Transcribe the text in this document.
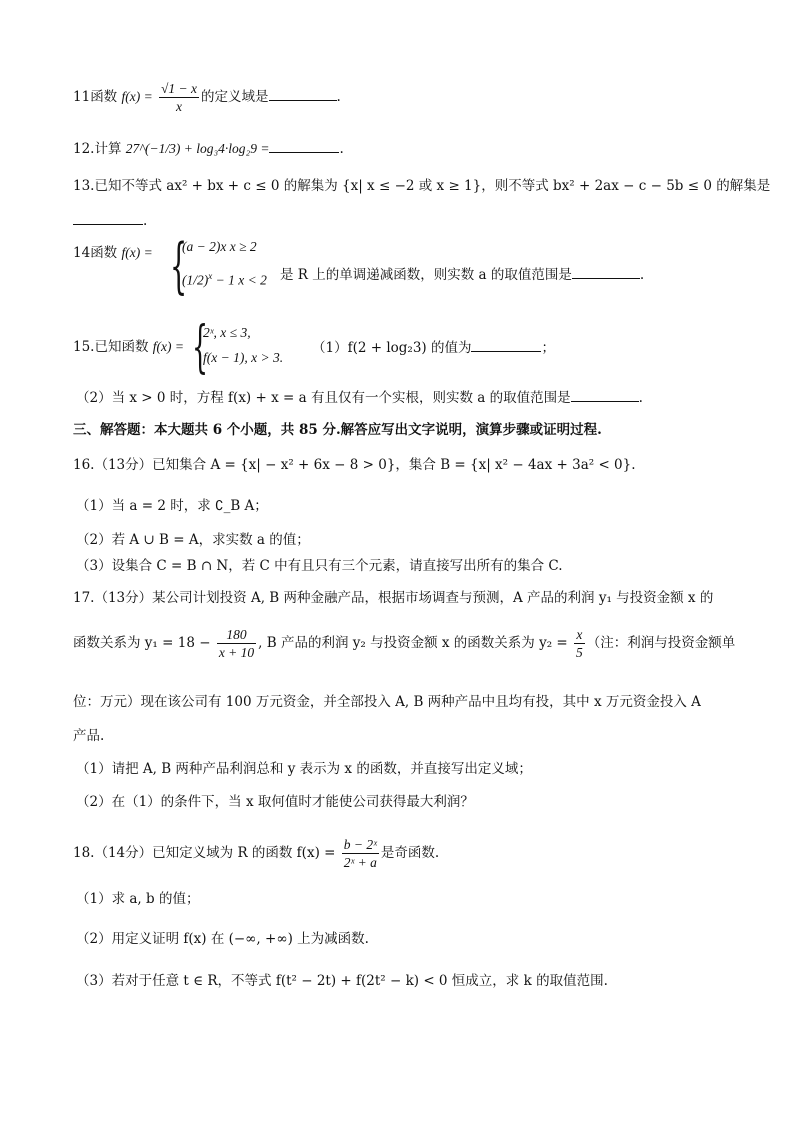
11函数 $f(x) = \frac{√1 - x}{x}$ 的定义域是	.
12.计算 27^(−1/3) + log₃4·log₂9 =	.
13.已知不等式 ax² + bx + c ≤ 0 的解集为 {x| x ≤ −2 或 x ≥ 1}，则不等式 bx² + 2ax − c − 5b ≤ 0 的解集是
.
14函数 f(x) = {
(a − 2)x x ≥ 2
$(1/2)^x - 1$ x < 2 是 R 上的单调递减函数，则实数 a 的取值范围是	.
15.已知函数 f(x) = {
2ˣ, x ≤ 3,
f(x − 1), x > 3.
（1）f(2 + log₂3) 的值为	；
（2）当 x > 0 时，方程 f(x) + x = a 有且仅有一个实根，则实数 a 的取值范围是	.
三、解答题：本大题共 6 个小题，共 85 分.解答应写出文字说明，演算步骤或证明过程.
16.（13分）已知集合 A = {x| − x² + 6x − 8 > 0}，集合 B = {x| x² − 4ax + 3a² < 0}.
（1）当 a = 2 时，求 ∁_B A；
（2）若 A ∪ B = A，求实数 a 的值；
（3）设集合 C = B ∩ N，若 C 中有且只有三个元素，请直接写出所有的集合 C.
17.（13分）某公司计划投资 A, B 两种金融产品，根据市场调查与预测，A 产品的利润 y₁ 与投资金额 x 的
函数关系为 $y_1 = 18 - \frac{180}{x + 10}$ , B 产品的利润 y₂ 与投资金额 x 的函数关系为 $y_2 = \frac{x}{5}$ （注：利润与投资金额单
位：万元）现在该公司有 100 万元资金，并全部投入 A, B 两种产品中且均有投，其中 x 万元资金投入 A
产品.
（1）请把 A, B 两种产品利润总和 y 表示为 x 的函数，并直接写出定义域；
（2）在（1）的条件下，当 x 取何值时才能使公司获得最大利润？
18.（14分）已知定义域为 R 的函数 $f(x) = \frac{\text{b − 2ˣ}}{\text{2ˣ + a}}$ 是奇函数.
（1）求 a, b 的值；
（2）用定义证明 f(x) 在 (−∞, +∞) 上为减函数.
（3）若对于任意 t ∈ R，不等式 f(t² − 2t) + f(2t² − k) < 0 恒成立，求 k 的取值范围.
